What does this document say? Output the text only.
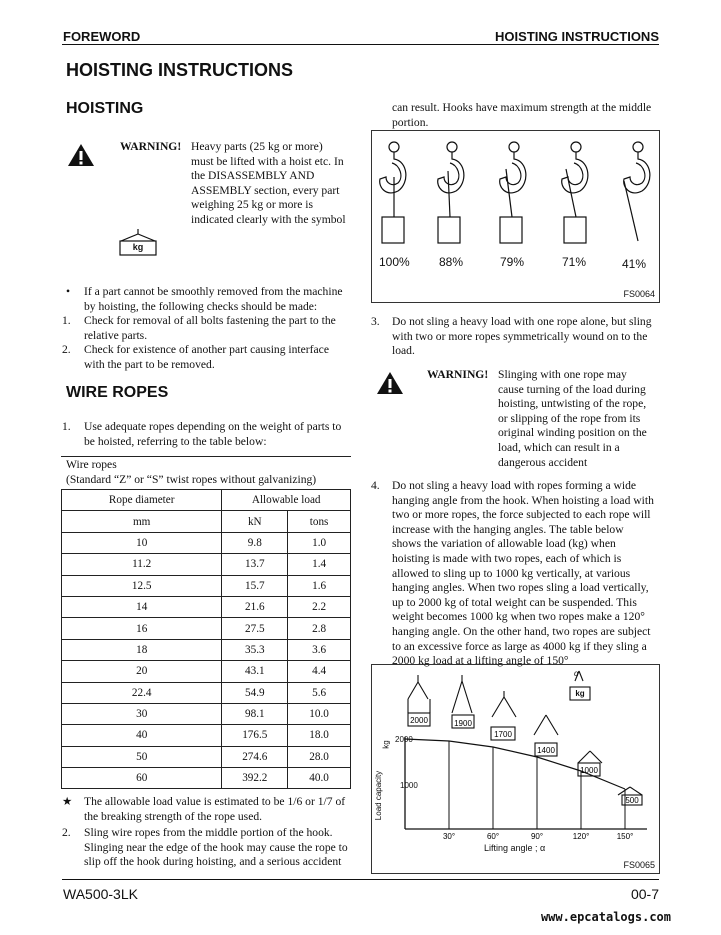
FOREWORD	HOISTING INSTRUCTIONS
HOISTING INSTRUCTIONS
HOISTING
WARNING! Heavy parts (25 kg or more)
must be lifted with a hoist etc. In
the DISASSEMBLY AND
ASSEMBLY section, every part
weighing 25 kg or more is
indicated clearly with the symbol
kg
• If a part cannot be smoothly removed from the machine
by hoisting, the following checks should be made:
1. Check for removal of all bolts fastening the part to the
relative parts.
2. Check for existence of another part causing interface
with the part to be removed.
WIRE ROPES
1. Use adequate ropes depending on the weight of parts to
be hoisted, referring to the table below:
Wire ropes
(Standard “Z” or “S” twist ropes without galvanizing)
Rope diameter	Allowable load	
mm	kN	tons
10	9.8	1.0
11.2	13.7	1.4
12.5	15.7	1.6
14	21.6	2.2
16	27.5	2.8
18	35.3	3.6
20	43.1	4.4
22.4	54.9	5.6
30	98.1	10.0
40	176.5	18.0
50	274.6	28.0
60	392.2	40.0
★ The allowable load value is estimated to be 1/6 or 1/7 of
the breaking strength of the rope used.
2. Sling wire ropes from the middle portion of the hook.
Slinging near the edge of the hook may cause the rope to
slip off the hook during hoisting, and a serious accident
can result. Hooks have maximum strength at the middle
portion.
100% 88%	79%	71%	41%
FS0064
3. Do not sling a heavy load with one rope alone, but sling
with two or more ropes symmetrically wound on to the
load.
WARNING! Slinging with one rope may
cause turning of the load during
hoisting, untwisting of the rope,
or slipping of the rope from its
original winding position on the
load, which can result in a
dangerous accident
4. Do not sling a heavy load with ropes forming a wide
hanging angle from the hook. When hoisting a load with
two or more ropes, the force subjected to each rope will
increase with the hanging angles. The table below
shows the variation of allowable load (kg) when
hoisting is made with two ropes, each of which is
allowed to sling up to 1000 kg vertically, at various
hanging angles. When two ropes sling a load vertically,
up to 2000 kg of total weight can be suspended. This
weight becomes 1000 kg when two ropes make a 120°
hanging angle. On the other hand, two ropes are subject
to an excessive force as large as 4000 kg if they sling a
2000 kg load at a lifting angle of 150°
30°	60°	90°	120°	150°
2000	1900
1700
1400
1000
500
α
kg
2000
1000
kg
Load capacity
Lifting angle ; α
FS0065
WA500-3LK	00-7
www.epcatalogs.com
